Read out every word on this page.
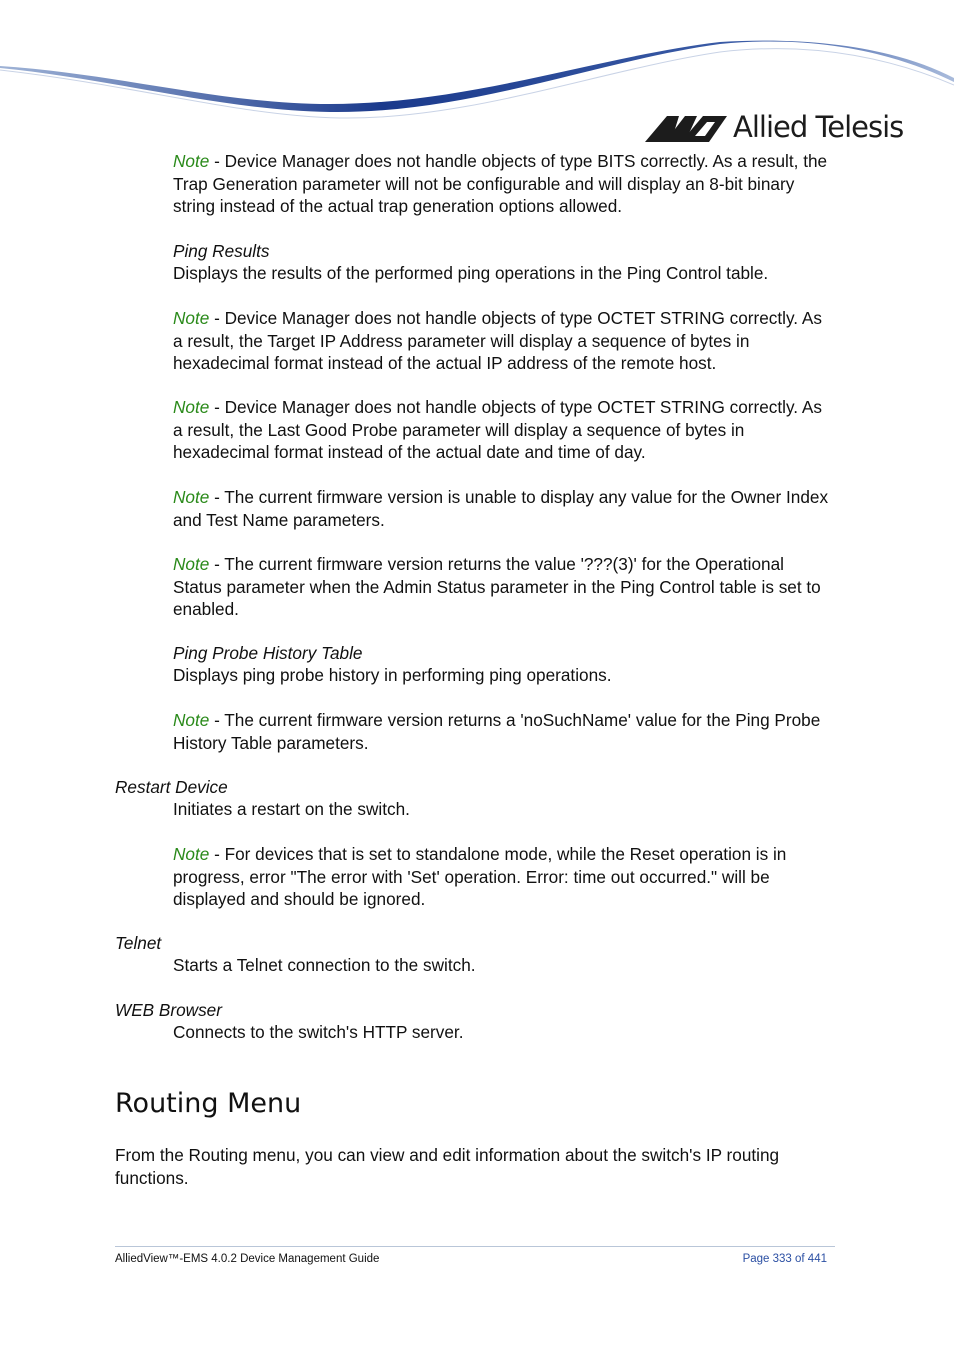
Allied Telesis

Note - Device Manager does not handle objects of type BITS correctly. As a result, the Trap Generation parameter will not be configurable and will display an 8-bit binary string instead of the actual trap generation options allowed.

Ping Results

Displays the results of the performed ping operations in the Ping Control table.

Note - Device Manager does not handle objects of type OCTET STRING correctly. As a result, the Target IP Address parameter will display a sequence of bytes in hexadecimal format instead of the actual IP address of the remote host.

Note - Device Manager does not handle objects of type OCTET STRING correctly. As a result, the Last Good Probe parameter will display a sequence of bytes in hexadecimal format instead of the actual date and time of day.

Note - The current firmware version is unable to display any value for the Owner Index and Test Name parameters.

Note - The current firmware version returns the value '???(3)' for the Operational Status parameter when the Admin Status parameter in the Ping Control table is set to enabled.

Ping Probe History Table

Displays ping probe history in performing ping operations.

Note - The current firmware version returns a 'noSuchName' value for the Ping Probe History Table parameters.

Restart Device

Initiates a restart on the switch.

Note - For devices that is set to standalone mode, while the Reset operation is in progress, error "The error with 'Set' operation. Error: time out occurred." will be displayed and should be ignored.

Telnet

Starts a Telnet connection to the switch.

WEB Browser

Connects to the switch's HTTP server.

Routing Menu

From the Routing menu, you can view and edit information about the switch's IP routing functions.

AlliedView™-EMS 4.0.2 Device Management Guide	Page 333 of 441
